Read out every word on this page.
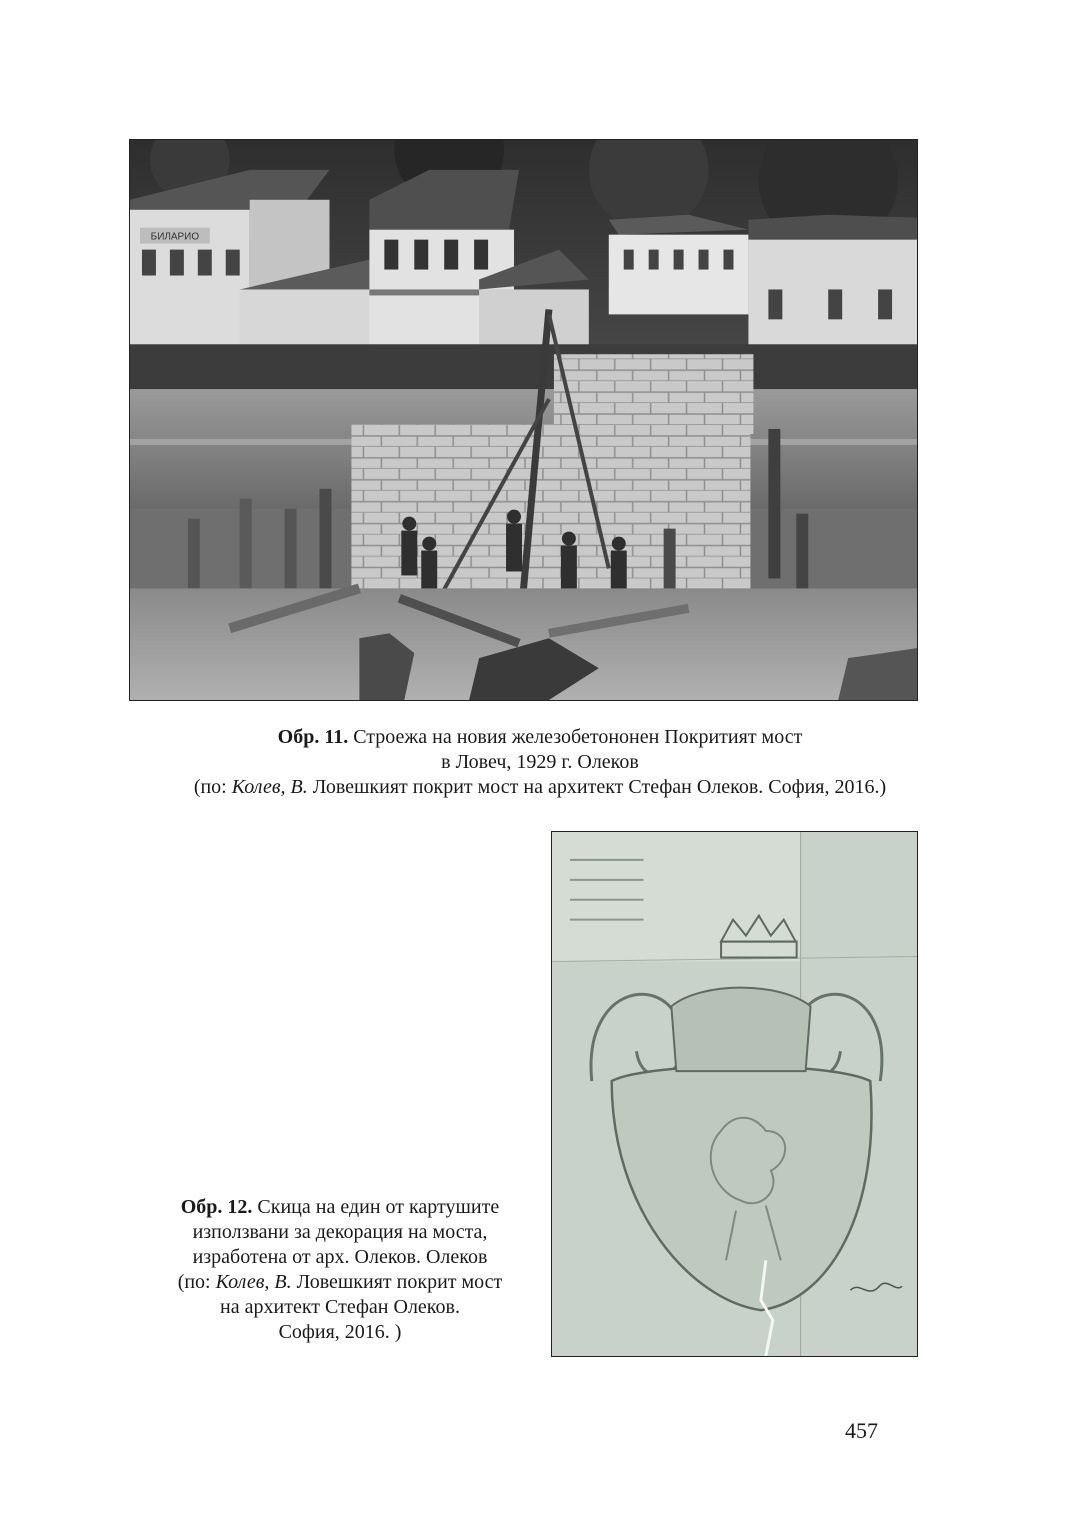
БИЛАРИО
Обр. 11. Строежа на новия железобетононен Покритият мост
в Ловеч, 1929 г. Олеков
(по: Колев, В. Ловешкият покрит мост на архитект Стефан Олеков. София, 2016.)
Обр. 12. Скица на един от картушите
използвани за декорация на моста,
изработена от арх. Олеков. Олеков
(по: Колев, В. Ловешкият покрит мост
на архитект Стефан Олеков.
София, 2016. )
457
